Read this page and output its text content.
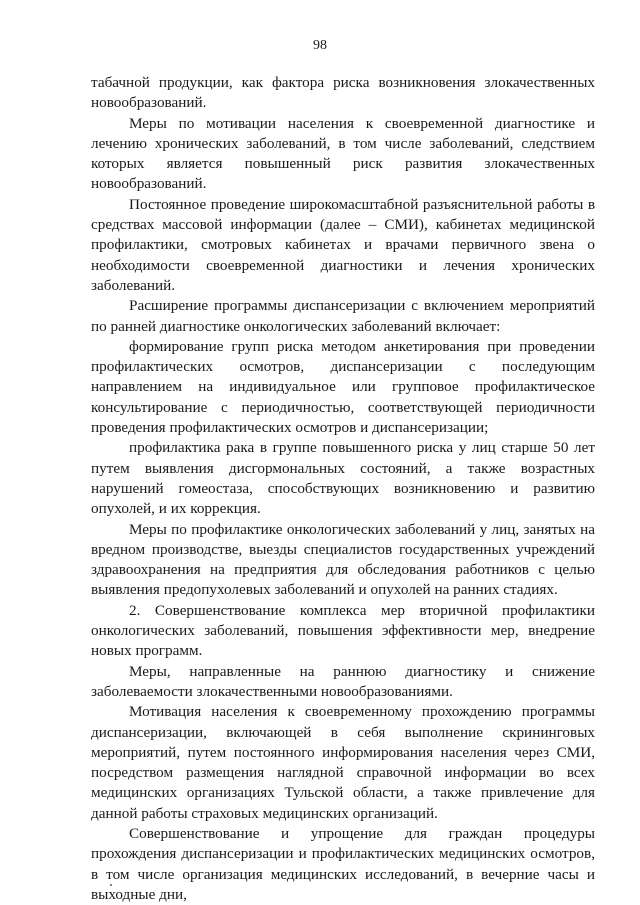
98

табачной продукции, как фактора риска возникновения злокачественных новообразований.

Меры по мотивации населения к своевременной диагностике и лечению хронических заболеваний, в том числе заболеваний, следствием которых является повышенный риск развития злокачественных новообразований.

Постоянное проведение широкомасштабной разъяснительной работы в средствах массовой информации (далее – СМИ), кабинетах медицинской профилактики, смотровых кабинетах и врачами первичного звена о необходимости своевременной диагностики и лечения хронических заболеваний.

Расширение программы диспансеризации с включением мероприятий по ранней диагностике онкологических заболеваний включает:

формирование групп риска методом анкетирования при проведении профилактических осмотров, диспансеризации с последующим направлением на индивидуальное или групповое профилактическое консультирование с периодичностью, соответствующей периодичности проведения профилактических осмотров и диспансеризации;

профилактика рака в группе повышенного риска у лиц старше 50 лет путем выявления дисгормональных состояний, а также возрастных нарушений гомеостаза, способствующих возникновению и развитию опухолей, и их коррекция.

Меры по профилактике онкологических заболеваний у лиц, занятых на вредном производстве, выезды специалистов государственных учреждений здравоохранения на предприятия для обследования работников с целью выявления предопухолевых заболеваний и опухолей на ранних стадиях.

2. Совершенствование комплекса мер вторичной профилактики онкологических заболеваний, повышения эффективности мер, внедрение новых программ.

Меры, направленные на раннюю диагностику и снижение заболеваемости злокачественными новообразованиями.

Мотивация населения к своевременному прохождению программы диспансеризации, включающей в себя выполнение скрининговых мероприятий, путем постоянного информирования населения через СМИ, посредством размещения наглядной справочной информации во всех медицинских организациях Тульской области, а также привлечение для данной работы страховых медицинских организаций.

Совершенствование и упрощение для граждан процедуры прохождения диспансеризации и профилактических медицинских осмотров, в том числе организация медицинских исследований, в вечерние часы и выходные дни,
